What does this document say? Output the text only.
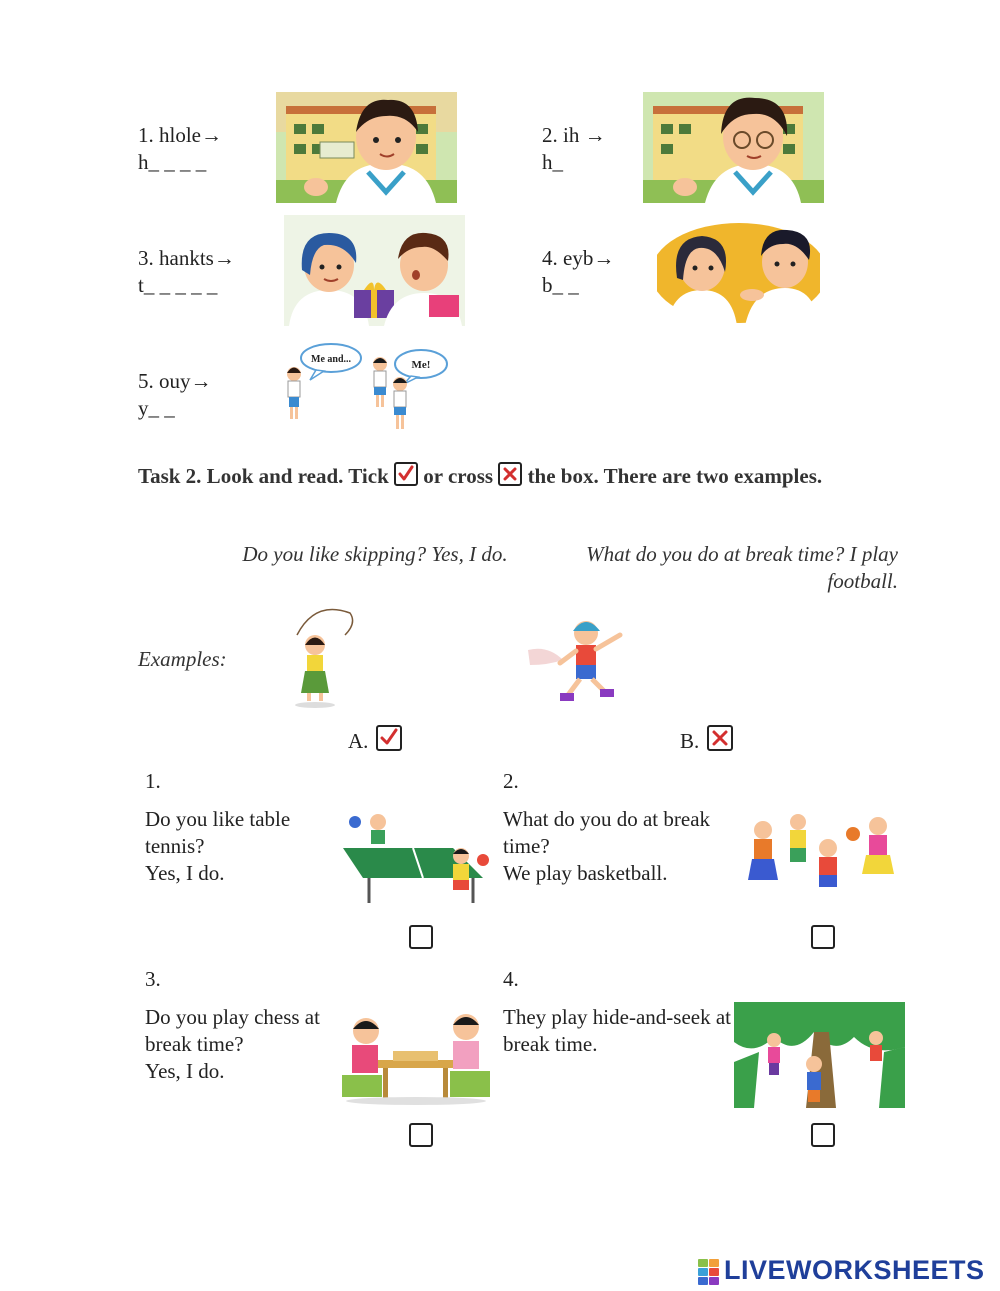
1. hlole→
h_ _ _ _
2. ih →
h_
3. hankts→
t_ _ _ _ _
4. eyb→
b_ _
5. ouy→
y_ _
Me and...	Me!
Task 2. Look and read. Tick or cross the box. There are two examples.
Do you like skipping? Yes, I do.	What do you do at break time? I play football.
Examples:
A.	B.
1.
Do you like table tennis?
Yes, I do.
2.
What do you do at break time?
We play basketball.
3.
Do you play chess at break time?
Yes, I do.
4.
They play hide-and-seek at break time.
LIVEWORKSHEETS
